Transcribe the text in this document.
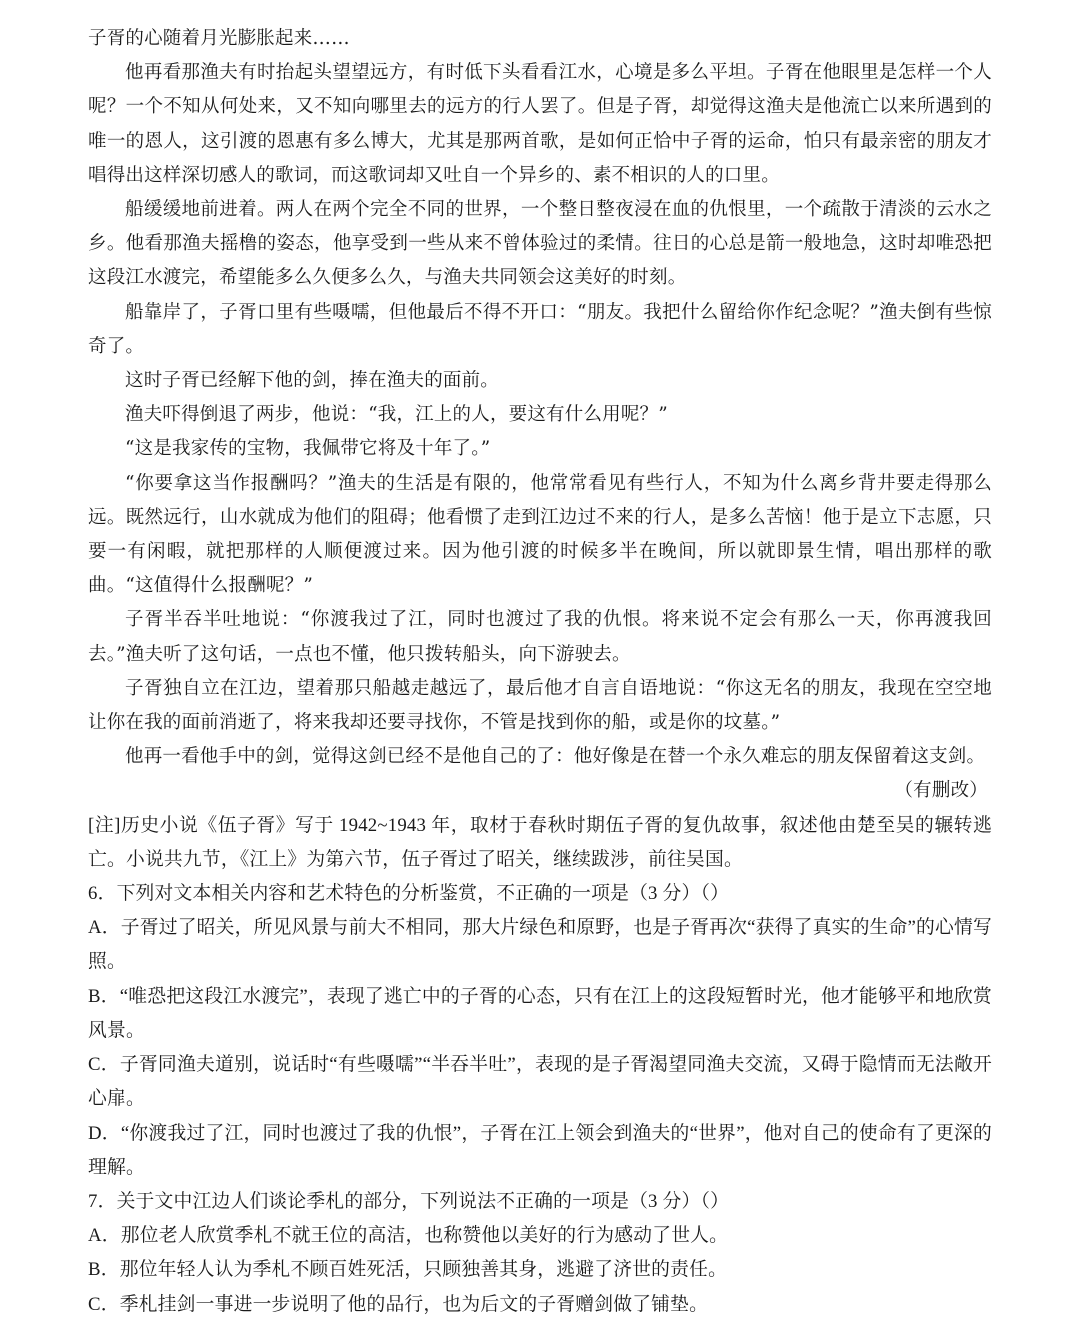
子胥的心随着月光膨胀起来……

他再看那渔夫有时抬起头望望远方，有时低下头看看江水，心境是多么平坦。子胥在他眼里是怎样一个人呢？一个不知从何处来，又不知向哪里去的远方的行人罢了。但是子胥，却觉得这渔夫是他流亡以来所遇到的唯一的恩人，这引渡的恩惠有多么博大，尤其是那两首歌，是如何正恰中子胥的运命，怕只有最亲密的朋友才唱得出这样深切感人的歌词，而这歌词却又吐自一个异乡的、素不相识的人的口里。

船缓缓地前进着。两人在两个完全不同的世界，一个整日整夜浸在血的仇恨里，一个疏散于清淡的云水之乡。他看那渔夫摇橹的姿态，他享受到一些从来不曾体验过的柔情。往日的心总是箭一般地急，这时却唯恐把这段江水渡完，希望能多么久便多么久，与渔夫共同领会这美好的时刻。

船靠岸了，子胥口里有些嗫嚅，但他最后不得不开口：“朋友。我把什么留给你作纪念呢？”渔夫倒有些惊奇了。

这时子胥已经解下他的剑，捧在渔夫的面前。

渔夫吓得倒退了两步，他说：“我，江上的人，要这有什么用呢？”

“这是我家传的宝物，我佩带它将及十年了。”

“你要拿这当作报酬吗？”渔夫的生活是有限的，他常常看见有些行人，不知为什么离乡背井要走得那么远。既然远行，山水就成为他们的阻碍；他看惯了走到江边过不来的行人，是多么苦恼！他于是立下志愿，只要一有闲暇，就把那样的人顺便渡过来。因为他引渡的时候多半在晚间，所以就即景生情，唱出那样的歌曲。“这值得什么报酬呢？”

子胥半吞半吐地说：“你渡我过了江，同时也渡过了我的仇恨。将来说不定会有那么一天，你再渡我回去。”渔夫听了这句话，一点也不懂，他只拨转船头，向下游驶去。

子胥独自立在江边，望着那只船越走越远了，最后他才自言自语地说：“你这无名的朋友，我现在空空地让你在我的面前消逝了，将来我却还要寻找你，不管是找到你的船，或是你的坟墓。”

他再一看他手中的剑，觉得这剑已经不是他自己的了：他好像是在替一个永久难忘的朋友保留着这支剑。

（有删改）

[注]历史小说《伍子胥》写于 1942~1943 年，取材于春秋时期伍子胥的复仇故事，叙述他由楚至吴的辗转逃亡。小说共九节，《江上》为第六节，伍子胥过了昭关，继续跋涉，前往吴国。

6．下列对文本相关内容和艺术特色的分析鉴赏，不正确的一项是（3 分）（）

A．子胥过了昭关，所见风景与前大不相同，那大片绿色和原野，也是子胥再次“获得了真实的生命”的心情写照。

B．“唯恐把这段江水渡完”，表现了逃亡中的子胥的心态，只有在江上的这段短暂时光，他才能够平和地欣赏风景。

C．子胥同渔夫道别，说话时“有些嗫嚅”“半吞半吐”，表现的是子胥渴望同渔夫交流，又碍于隐情而无法敞开心扉。

D．“你渡我过了江，同时也渡过了我的仇恨”，子胥在江上领会到渔夫的“世界”，他对自己的使命有了更深的理解。

7．关于文中江边人们谈论季札的部分，下列说法不正确的一项是（3 分）（）

A．那位老人欣赏季札不就王位的高洁，也称赞他以美好的行为感动了世人。

B．那位年轻人认为季札不顾百姓死活，只顾独善其身，逃避了济世的责任。

C．季札挂剑一事进一步说明了他的品行，也为后文的子胥赠剑做了铺垫。
